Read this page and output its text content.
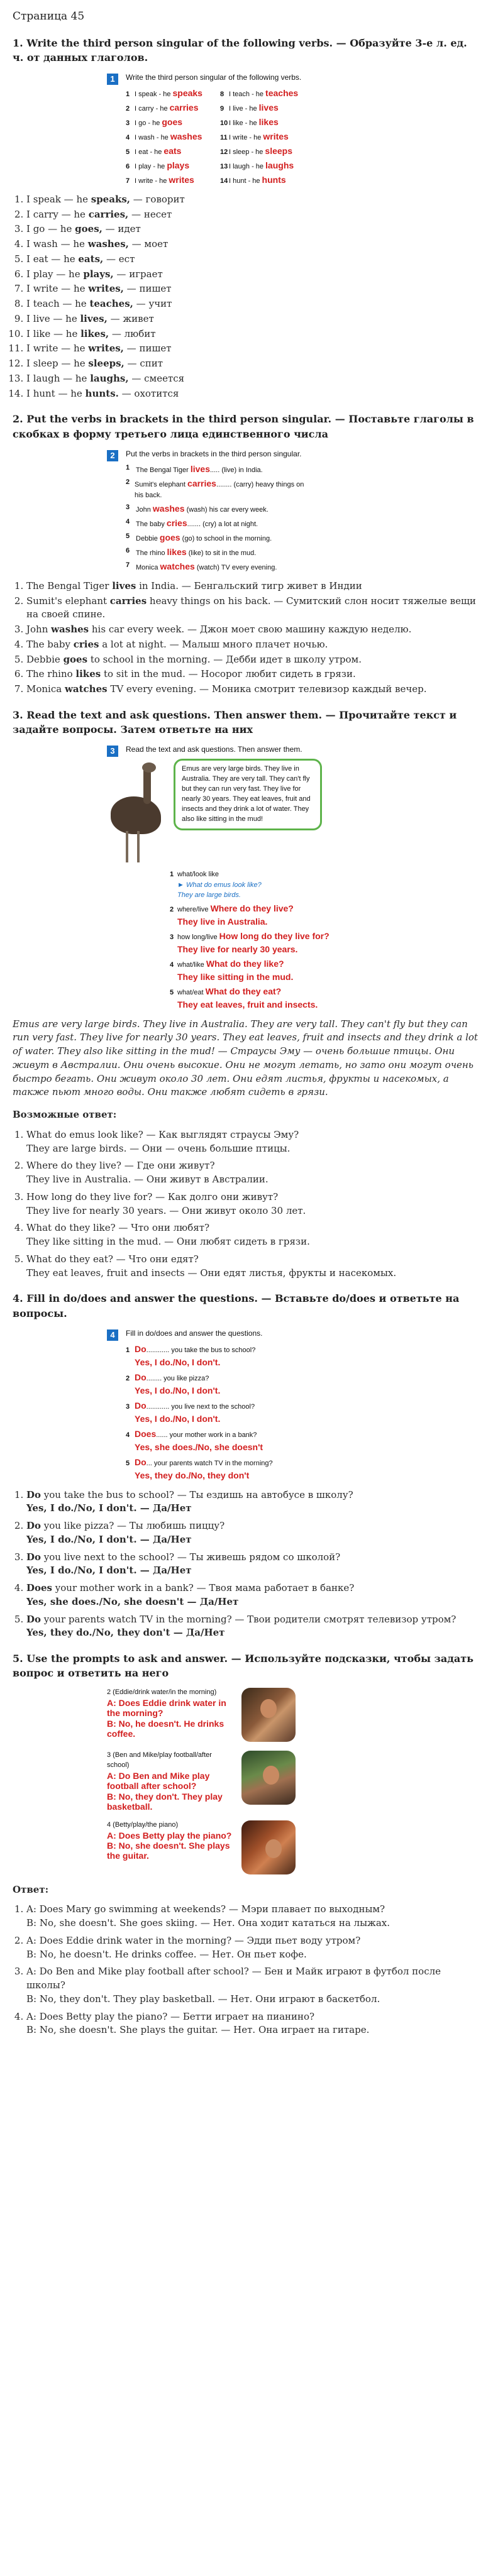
Страница 45
1. Write the third person singular of the following verbs. — Образуйте 3-е л. ед. ч. от данных глаголов.
1	Write the third person singular of the following verbs.
1 I speak - he speaks	8 I teach - he teaches
2 I carry - he carries	9 I live - he lives
3 I go - he goes	10 I like - he likes
4 I wash - he washes	11 I write - he writes
5 I eat - he eats	12 I sleep - he sleeps
6 I play - he plays	13 I laugh - he laughs
7 I write - he writes	14 I hunt - he hunts
1. I speak — he speaks, — говорит
2. I carry — he carries, — несет
3. I go — he goes, — идет
4. I wash — he washes, — моет
5. I eat — he eats, — ест
6. I play — he plays, — играет
7. I write — he writes, — пишет
8. I teach — he teaches, — учит
9. I live — he lives, — живет
10. I like — he likes, — любит
11. I write — he writes, — пишет
12. I sleep — he sleeps, — спит
13. I laugh — he laughs, — смеется
14. I hunt — he hunts. — охотится
2. Put the verbs in brackets in the third person singular. — Поставьте глаголы в скобках в форму третьего лица единственного числа
2	Put the verbs in brackets in the third person singular.
1 The Bengal Tiger lives..... (live) in India.
2 Sumit's elephant carries........ (carry) heavy things on his back.
3 John washes (wash) his car every week.
4 The baby cries....... (cry) a lot at night.
5 Debbie goes (go) to school in the morning.
6 The rhino likes (like) to sit in the mud.
7 Monica watches (watch) TV every evening.
1. The Bengal Tiger lives in India. — Бенгальский тигр живет в Индии
2. Sumit's elephant carries heavy things on his back. — Сумитский слон носит тяжелые вещи на своей спине.
3. John washes his car every week. — Джон моет свою машину каждую неделю.
4. The baby cries a lot at night. — Малыш много плачет ночью.
5. Debbie goes to school in the morning. — Дебби идет в школу утром.
6. The rhino likes to sit in the mud. — Носорог любит сидеть в грязи.
7. Monica watches TV every evening. — Моника смотрит телевизор каждый вечер.
3. Read the text and ask questions. Then answer them. — Прочитайте текст и задайте вопросы. Затем ответьте на них
3	Read the text and ask questions. Then answer them.
Emus are very large birds. They live in Australia. They are very tall. They can't fly but they can run very fast. They live for nearly 30 years. They eat leaves, fruit and insects and they drink a lot of water. They also like sitting in the mud!
1 what/look like
► What do emus look like?
They are large birds.
2 where/live Where do they live?
They live in Australia.
3 how long/live How long do they live for?
They live for nearly 30 years.
4 what/like What do they like?
They like sitting in the mud.
5 what/eat What do they eat?
They eat leaves, fruit and insects.

Emus are very large birds. They live in Australia. They are very tall. They can't fly but they can run very fast. They live for nearly 30 years. They eat leaves, fruit and insects and they drink a lot of water. They also like sitting in the mud! — Страусы Эму — очень большие птицы. Они живут в Австралии. Они очень высокие. Они не могут летать, но зато они могут очень быстро бегать. Они живут около 30 лет. Они едят листья, фрукты и насекомых, а также пьют много воды. Они также любят сидеть в грязи.

Возможные ответ:

1. What do emus look like? — Как выглядят страусы Эму?
They are large birds. — Они — очень большие птицы.
2. Where do they live? — Где они живут?
They live in Australia. — Они живут в Австралии.
3. How long do they live for? — Как долго они живут?
They live for nearly 30 years. — Они живут около 30 лет.
4. What do they like? — Что они любят?
They like sitting in the mud. — Они любят сидеть в грязи.
5. What do they eat? — Что они едят?
They eat leaves, fruit and insects — Они едят листья, фрукты и насекомых.
4. Fill in do/does and answer the questions. — Вставьте do/does и ответьте на вопросы.
4	Fill in do/does and answer the questions.
1 Do............ you take the bus to school?
Yes, I do./No, I don't.
2 Do........ you like pizza?
Yes, I do./No, I don't.
3 Do............ you live next to the school?
Yes, I do./No, I don't.
4 Does...... your mother work in a bank?
Yes, she does./No, she doesn't
5 Do... your parents watch TV in the morning?
Yes, they do./No, they don't
1. Do you take the bus to school? — Ты ездишь на автобусе в школу?
Yes, I do./No, I don't. — Да/Нет
2. Do you like pizza? — Ты любишь пиццу?
Yes, I do./No, I don't. — Да/Нет
3. Do you live next to the school? — Ты живешь рядом со школой?
Yes, I do./No, I don't. — Да/Нет
4. Does your mother work in a bank? — Твоя мама работает в банке?
Yes, she does./No, she doesn't — Да/Нет
5. Do your parents watch TV in the morning? — Твои родители смотрят телевизор утром?
Yes, they do./No, they don't — Да/Нет
5. Use the prompts to ask and answer. — Используйте подсказки, чтобы задать вопрос и ответить на него
2 (Eddie/drink water/in the morning)
A: Does Eddie drink water in the morning?
B: No, he doesn't. He drinks coffee.
3 (Ben and Mike/play football/after school)
A: Do Ben and Mike play football after school?
B: No, they don't. They play basketball.
4 (Betty/play/the piano)
A: Does Betty play the piano?
B: No, she doesn't. She plays the guitar.

Ответ:

1. A: Does Mary go swimming at weekends? — Мэри плавает по выходным?
B: No, she doesn't. She goes skiing. — Нет. Она ходит кататься на лыжах.
2. A: Does Eddie drink water in the morning? — Эдди пьет воду утром?
B: No, he doesn't. He drinks coffee. — Нет. Он пьет кофе.
3. A: Do Ben and Mike play football after school? — Бен и Майк играют в футбол после школы?
B: No, they don't. They play basketball. — Нет. Они играют в баскетбол.
4. A: Does Betty play the piano? — Бетти играет на пианино?
B: No, she doesn't. She plays the guitar. — Нет. Она играет на гитаре.
